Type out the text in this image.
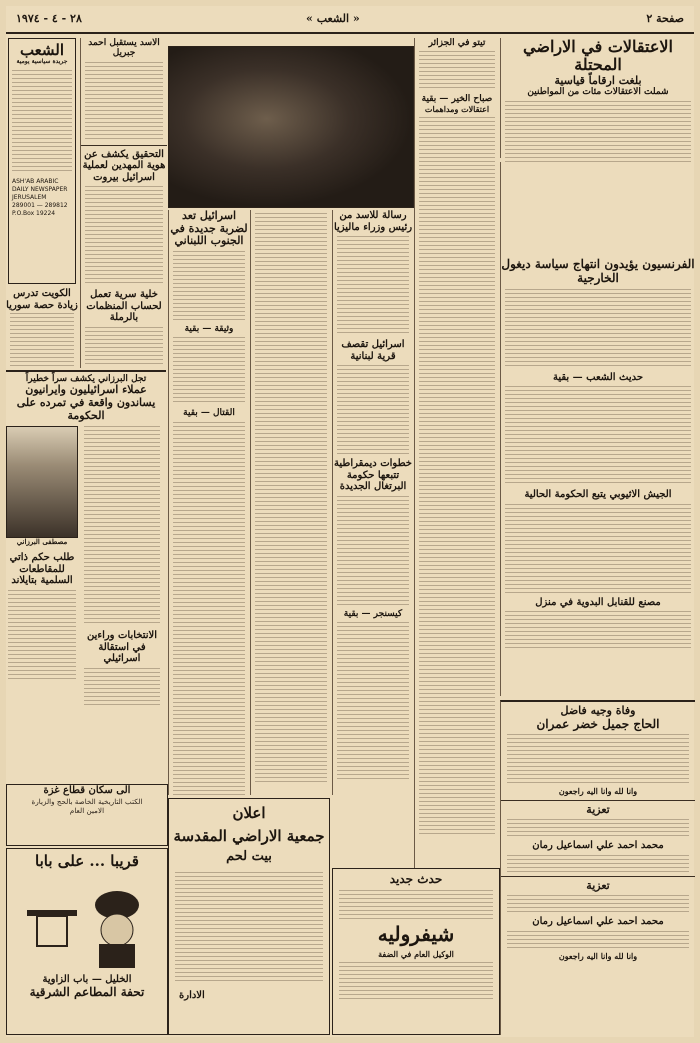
صفحة ٢
« الشعب »
٢٨ - ٤ - ١٩٧٤
الشعب
جريدة سياسية يومية
ASH'AB ARABIC DAILY NEWSPAPER JERUSALEM
289001 — 289812
P.O.Box 19224
الكويت تدرس زيادة حصة سوريا
الاسد يستقبل احمد جبريل
التحقيق يكشف عن هوية المهدين لعملية اسرائيل بيروت
خلية سرية تعمل لحساب المنظمات بالرملة
اسرائيل تعد لضربة جديدة في الجنوب اللبناني
وثيقة — بقية
القتال — بقية
رسالة للاسد من رئيس وزراء ماليزيا
اسرائيل تقصف قرية لبنانية
خطوات ديمقراطية تتبعها حكومة البرتغال الجديدة
كيسنجر — بقية
تيتو في الجزائر
صباح الخير — بقية
اعتقالات ومداهمات
الاعتقالات في الاراضي المحتلة
بلغت ارقاماً قياسية
شملت الاعتقالات مئات من المواطنين
الفرنسيون يؤيدون انتهاج سياسة ديغول الخارجية
حديث الشعب — بقية
الجيش الاثيوبي يتبع الحكومة الحالية
مصنع للقنابل البدوية في منزل
تجل البرزاني يكشف سراً خطيراً
عملاء اسرائيليون وايرانيون يساندون واقعة في تمرده على الحكومة
مصطفى البرزاني
طلب حكم ذاتي للمقاطعات السلمية بتايلاند
الانتخابات وراءين في استقالة اسرائيلي
الى سكان قطاع غزة
الكتب التاريخية الخاصة بالحج والزيارة
الامين العام
قريبا ... على بابا
الخليل — باب الزاوية
تحفة المطاعم الشرقية
اعلان
جمعية الاراضي المقدسة
بيت لحم
الادارة
حدث جديد
شيفروليه
الوكيل العام في الضفة
وفاة وجيه فاضل
الحاج جميل خضر عمران
وانا لله وانا اليه راجعون
تعزية
محمد احمد علي اسماعيل رمان
تعزية
محمد احمد علي اسماعيل رمان
وانا لله وانا اليه راجعون
